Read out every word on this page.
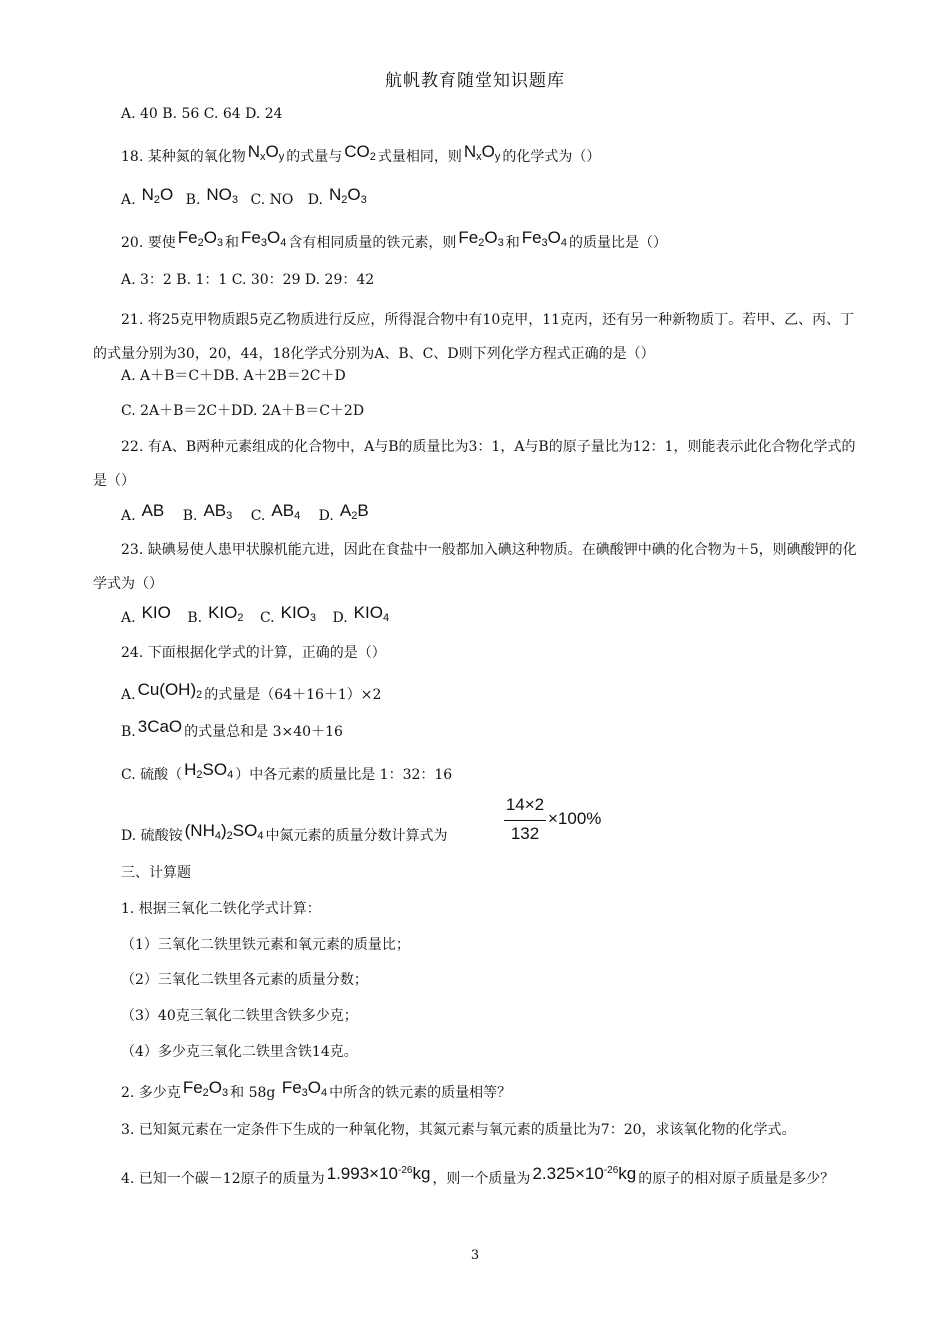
航帆教育随堂知识题库
A. 40 B. 56 C. 64 D. 24
18. 某种氮的氧化物 $N_xO_y$ 的式量与 $CO_2$ 式量相同，则 $N_xO_y$ 的化学式为（）
A. $N_2O$ B. $NO_3$ C. NO D. $N_2O_3$
20. 要使 $Fe_2O_3$ 和 $Fe_3O_4$ 含有相同质量的铁元素，则 $Fe_2O_3$ 和 $Fe_3O_4$ 的质量比是（）
A. 3：2 B. 1：1 C. 30：29 D. 29：42
21. 将25克甲物质跟5克乙物质进行反应，所得混合物中有10克甲，11克丙，还有另一种新物质丁。若甲、乙、丙、丁的式量分别为30，20，44，18化学式分别为A、B、C、D则下列化学方程式正确的是（）
A. A＋B＝C＋DB. A＋2B＝2C＋D
C. 2A＋B＝2C＋DD. 2A＋B＝C＋2D
22. 有A、B两种元素组成的化合物中，A与B的质量比为3：1，A与B的原子量比为12：1，则能表示此化合物化学式的是（）
A. AB B. $AB_3$ C. $AB_4$ D. $A_2B$
23. 缺碘易使人患甲状腺机能亢进，因此在食盐中一般都加入碘这种物质。在碘酸钾中碘的化合物为＋5，则碘酸钾的化学式为（）
A. KIO B. $KIO_2$ C. $KIO_3$ D. $KIO_4$
24. 下面根据化学式的计算，正确的是（）
A. $Cu(OH)_2$ 的式量是（64＋16＋1）×2
B. 3CaO 的式量总和是 3×40＋16
C. 硫酸（ $H_2SO_4$ ）中各元素的质量比是 1：32：16
D. 硫酸铵 $(NH_4)_2SO_4$ 中氮元素的质量分数计算式为
14×2
132
×100%
三、计算题
1. 根据三氧化二铁化学式计算：
（1）三氧化二铁里铁元素和氧元素的质量比；
（2）三氧化二铁里各元素的质量分数；
（3）40克三氧化二铁里含铁多少克；
（4）多少克三氧化二铁里含铁14克。
2. 多少克 $Fe_2O_3$ 和 58g $Fe_3O_4$ 中所含的铁元素的质量相等？
3. 已知氮元素在一定条件下生成的一种氧化物，其氮元素与氧元素的质量比为7：20，求该氧化物的化学式。
4. 已知一个碳－12原子的质量为 $1.993\times 10^{-26}kg$ ，则一个质量为 $2.325\times 10^{-26}kg$ 的原子的相对原子质量是多少？
3
